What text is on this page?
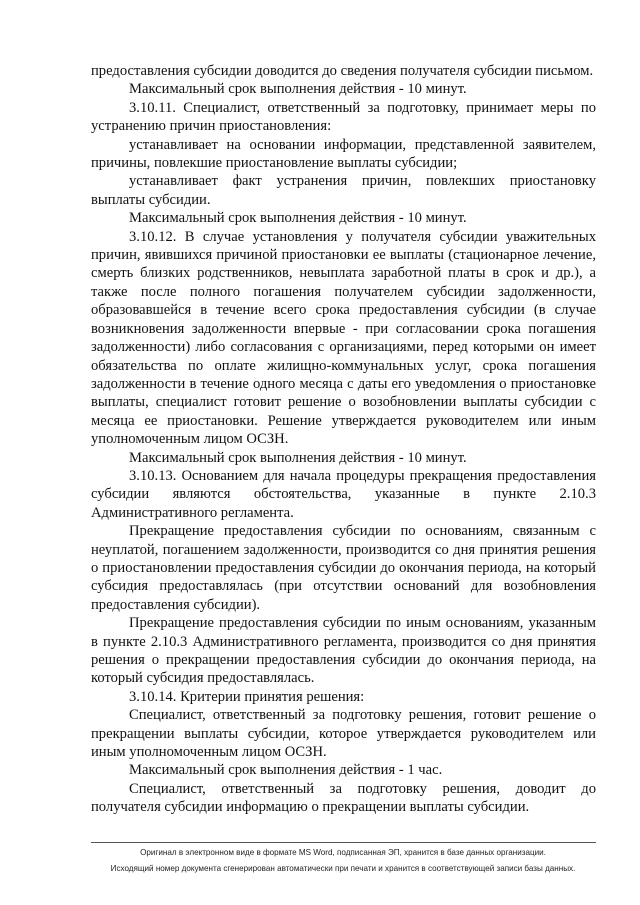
предоставления субсидии доводится до сведения получателя субсидии письмом.

Максимальный срок выполнения действия - 10 минут.

3.10.11. Специалист, ответственный за подготовку, принимает меры по устранению причин приостановления:

устанавливает на основании информации, представленной заявителем, причины, повлекшие приостановление выплаты субсидии;

устанавливает факт устранения причин, повлекших приостановку выплаты субсидии.

Максимальный срок выполнения действия - 10 минут.

3.10.12. В случае установления у получателя субсидии уважительных причин, явившихся причиной приостановки ее выплаты (стационарное лечение, смерть близких родственников, невыплата заработной платы в срок и др.), а также после полного погашения получателем субсидии задолженности, образовавшейся в течение всего срока предоставления субсидии (в случае возникновения задолженности впервые - при согласовании срока погашения задолженности) либо согласования с организациями, перед которыми он имеет обязательства по оплате жилищно-коммунальных услуг, срока погашения задолженности в течение одного месяца с даты его уведомления о приостановке выплаты, специалист готовит решение о возобновлении выплаты субсидии с месяца ее приостановки. Решение утверждается руководителем или иным уполномоченным лицом ОСЗН.

Максимальный срок выполнения действия - 10 минут.

3.10.13. Основанием для начала процедуры прекращения предоставления субсидии являются обстоятельства, указанные в пункте 2.10.3 Административного регламента.

Прекращение предоставления субсидии по основаниям, связанным с неуплатой, погашением задолженности, производится со дня принятия решения о приостановлении предоставления субсидии до окончания периода, на который субсидия предоставлялась (при отсутствии оснований для возобновления предоставления субсидии).

Прекращение предоставления субсидии по иным основаниям, указанным в пункте 2.10.3 Административного регламента, производится со дня принятия решения о прекращении предоставления субсидии до окончания периода, на который субсидия предоставлялась.

3.10.14. Критерии принятия решения:

Специалист, ответственный за подготовку решения, готовит решение о прекращении выплаты субсидии, которое утверждается руководителем или иным уполномоченным лицом ОСЗН.

Максимальный срок выполнения действия - 1 час.

Специалист, ответственный за подготовку решения, доводит до получателя субсидии информацию о прекращении выплаты субсидии.

Оригинал в электронном виде в формате MS Word, подписанная ЭП, хранится в базе данных организации.
Исходящий номер документа сгенерирован автоматически при печати и хранится в соответствующей записи базы данных.
